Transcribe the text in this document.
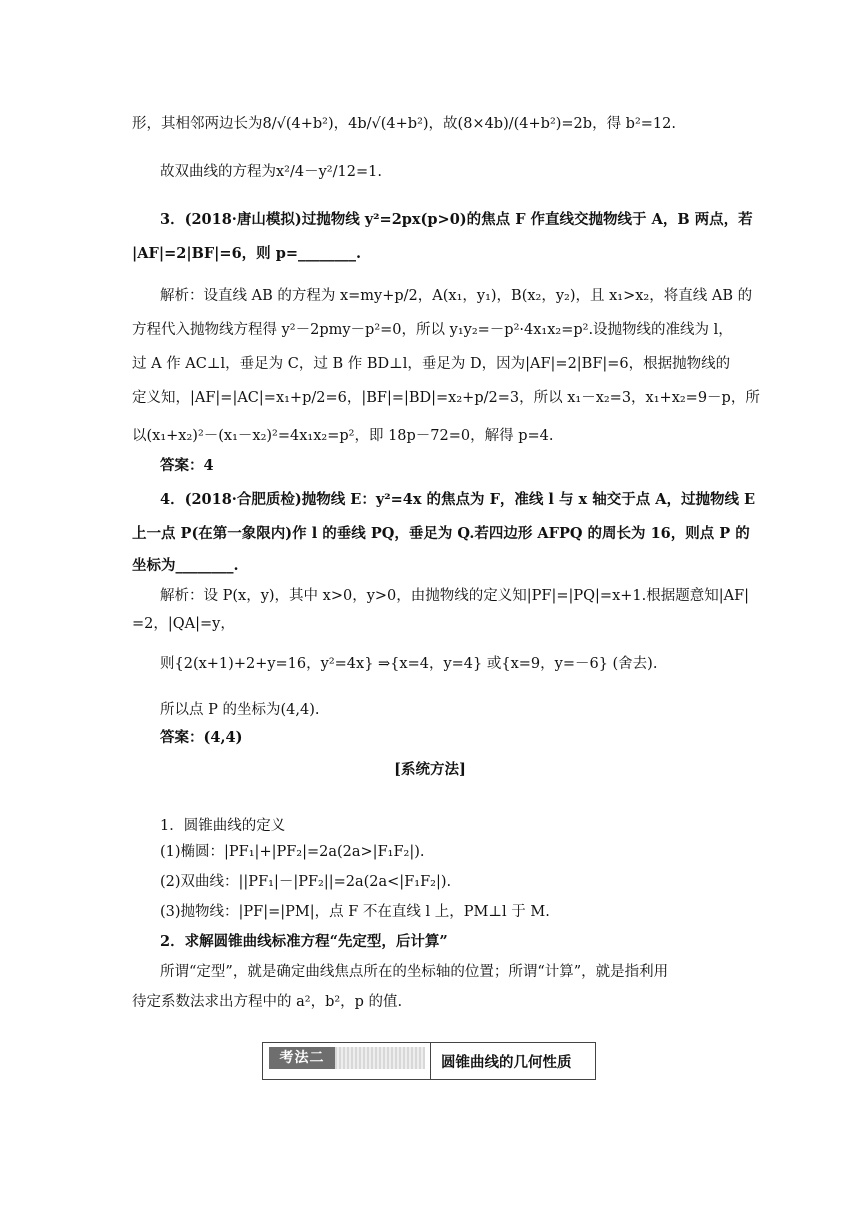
形，其相邻两边长为8/√(4+b²)，4b/√(4+b²)，故(8×4b)/(4+b²)=2b，得 b²=12.
故双曲线的方程为x²/4－y²/12=1.
3．(2018·唐山模拟)过抛物线 y²=2px(p>0)的焦点 F 作直线交抛物线于 A，B 两点，若
|AF|=2|BF|=6，则 p=________.
解析：设直线 AB 的方程为 x=my+p/2，A(x₁，y₁)，B(x₂，y₂)，且 x₁>x₂，将直线 AB 的
方程代入抛物线方程得 y²－2pmy－p²=0，所以 y₁y₂=－p²·4x₁x₂=p².设抛物线的准线为 l，
过 A 作 AC⊥l，垂足为 C，过 B 作 BD⊥l，垂足为 D，因为|AF|=2|BF|=6，根据抛物线的
定义知，|AF|=|AC|=x₁+p/2=6，|BF|=|BD|=x₂+p/2=3，所以 x₁－x₂=3，x₁+x₂=9－p，所
以(x₁+x₂)²－(x₁－x₂)²=4x₁x₂=p²，即 18p－72=0，解得 p=4.
答案：4
4．(2018·合肥质检)抛物线 E：y²=4x 的焦点为 F，准线 l 与 x 轴交于点 A，过抛物线 E
上一点 P(在第一象限内)作 l 的垂线 PQ，垂足为 Q.若四边形 AFPQ 的周长为 16，则点 P 的
坐标为________.
解析：设 P(x，y)，其中 x>0，y>0，由抛物线的定义知|PF|=|PQ|=x+1.根据题意知|AF|
=2，|QA|=y，
则{2(x+1)+2+y=16，y²=4x} ⇒{x=4，y=4} 或{x=9，y=－6} (舍去).
所以点 P 的坐标为(4,4).
答案：(4,4)
[系统方法]
1．圆锥曲线的定义
(1)椭圆：|PF₁|+|PF₂|=2a(2a>|F₁F₂|).
(2)双曲线：||PF₁|－|PF₂||=2a(2a<|F₁F₂|).
(3)抛物线：|PF|=|PM|，点 F 不在直线 l 上，PM⊥l 于 M.
2．求解圆锥曲线标准方程“先定型，后计算”
所谓“定型”，就是确定曲线焦点所在的坐标轴的位置；所谓“计算”，就是指利用
待定系数法求出方程中的 a²，b²，p 的值.
考法二	圆锥曲线的几何性质
